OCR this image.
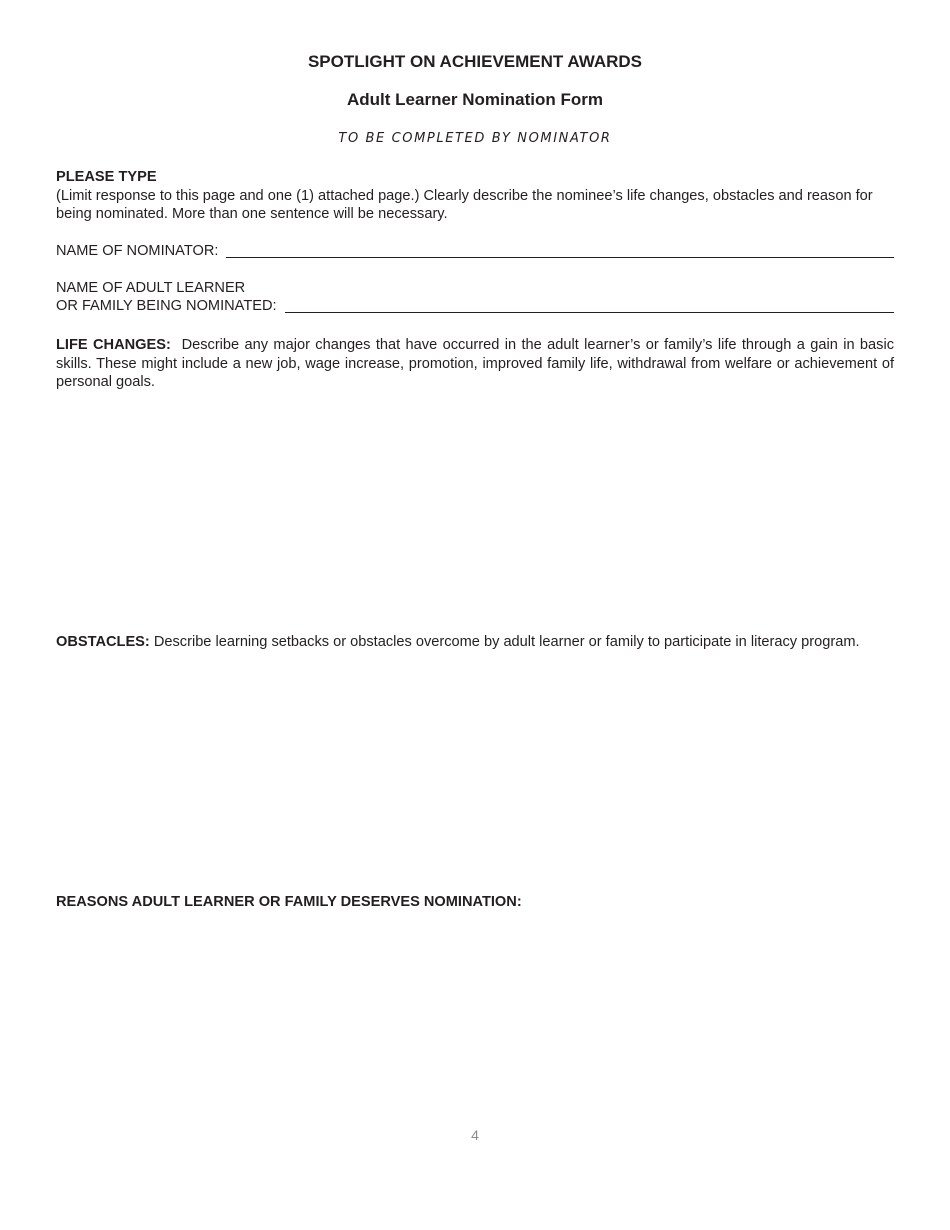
SPOTLIGHT ON ACHIEVEMENT AWARDS
Adult Learner Nomination Form
TO BE COMPLETED BY NOMINATOR
PLEASE TYPE
(Limit response to this page and one (1) attached page.) Clearly describe the nominee’s life changes, obstacles and reason for being nominated. More than one sentence will be necessary.
NAME OF NOMINATOR:
NAME OF ADULT LEARNER
OR FAMILY BEING NOMINATED:
LIFE CHANGES: Describe any major changes that have occurred in the adult learner’s or family’s life through a gain in basic skills. These might include a new job, wage increase, promotion, improved family life, withdrawal from welfare or achievement of personal goals.
OBSTACLES: Describe learning setbacks or obstacles overcome by adult learner or family to participate in literacy program.
REASONS ADULT LEARNER OR FAMILY DESERVES NOMINATION:
4
